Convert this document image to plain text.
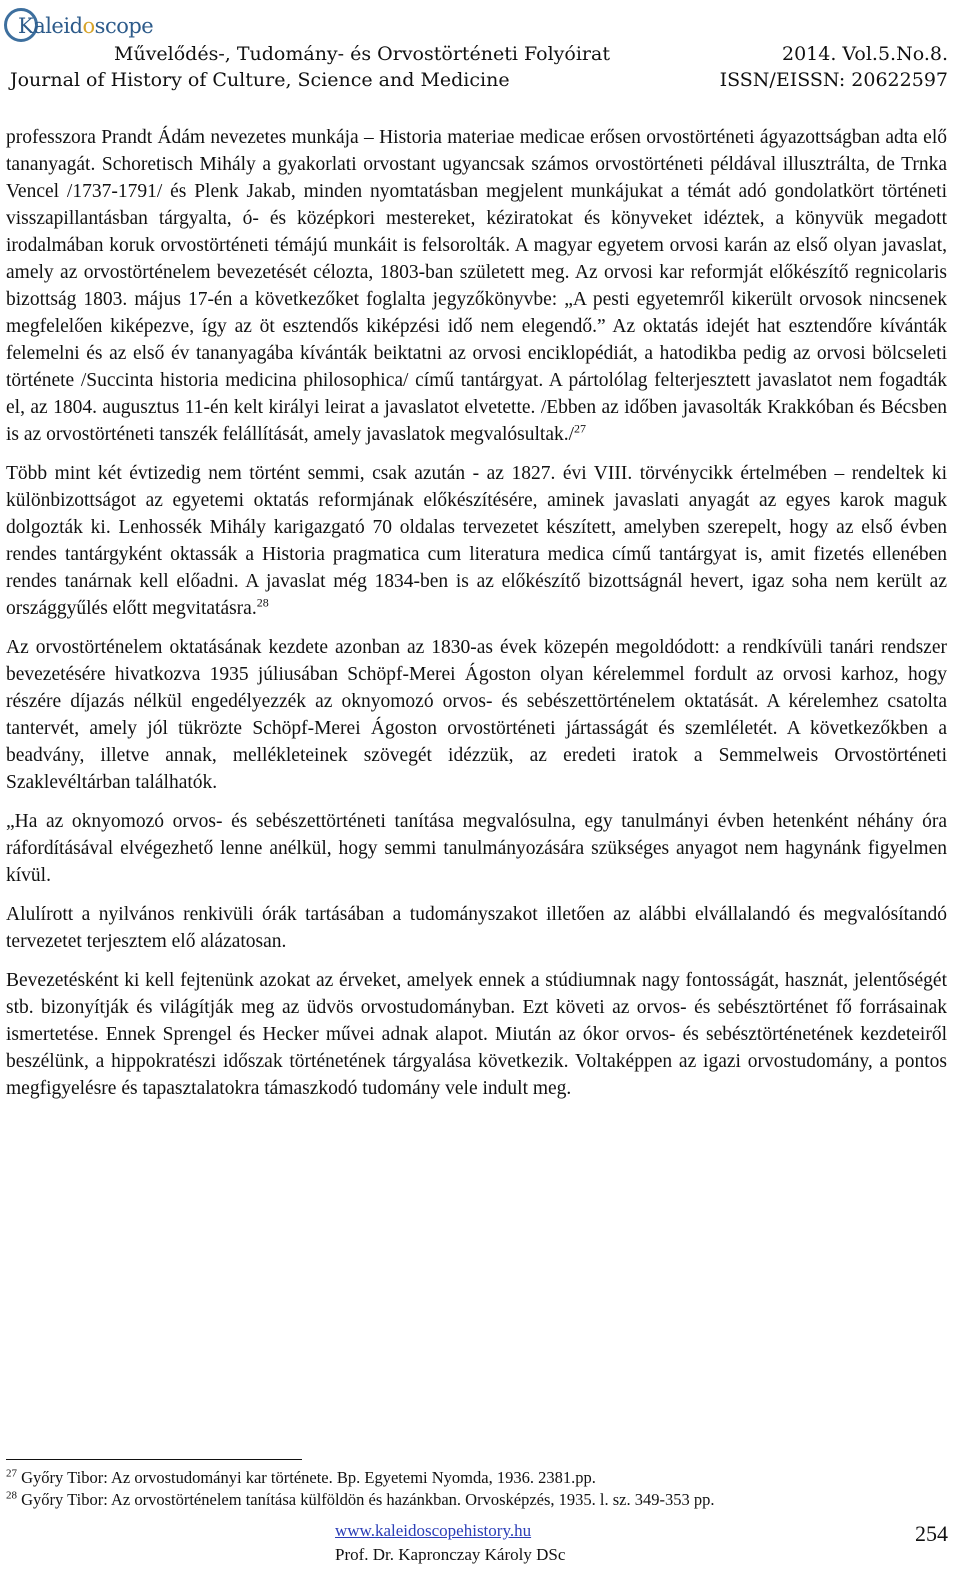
Kaleidoscope
Művelődés-, Tudomány- és Orvostörténeti Folyóirat	2014. Vol.5.No.8.
Journal of History of Culture, Science and Medicine	ISSN/EISSN: 20622597

professzora Prandt Ádám nevezetes munkája – Historia materiae medicae erősen orvostörténeti ágyazottságban adta elő tananyagát. Schoretisch Mihály a gyakorlati orvostant ugyancsak számos orvostörténeti példával illusztrálta, de Trnka Vencel /1737-1791/ és Plenk Jakab, minden nyomtatásban megjelent munkájukat a témát adó gondolatkört történeti visszapillantásban tárgyalta, ó- és középkori mestereket, kéziratokat és könyveket idéztek, a könyvük megadott irodalmában koruk orvostörténeti témájú munkáit is felsorolták. A magyar egyetem orvosi karán az első olyan javaslat, amely az orvostörténelem bevezetését célozta, 1803-ban született meg. Az orvosi kar reformját előkészítő regnicolaris bizottság 1803. május 17-én a következőket foglalta jegyzőkönyvbe: „A pesti egyetemről kikerült orvosok nincsenek megfelelően kiképezve, így az öt esztendős kiképzési idő nem elegendő.” Az oktatás idejét hat esztendőre kívánták felemelni és az első év tananyagába kívánták beiktatni az orvosi enciklopédiát, a hatodikba pedig az orvosi bölcseleti története /Succinta historia medicina philosophica/ című tantárgyat. A pártolólag felterjesztett javaslatot nem fogadták el, az 1804. augusztus 11-én kelt királyi leirat a javaslatot elvetette. /Ebben az időben javasolták Krakkóban és Bécsben is az orvostörténeti tanszék felállítását, amely javaslatok megvalósultak./$^{27}$

Több mint két évtizedig nem történt semmi, csak azután - az 1827. évi VIII. törvénycikk értelmében – rendeltek ki különbizottságot az egyetemi oktatás reformjának előkészítésére, aminek javaslati anyagát az egyes karok maguk dolgozták ki. Lenhossék Mihály karigazgató 70 oldalas tervezetet készített, amelyben szerepelt, hogy az első évben rendes tantárgyként oktassák a Historia pragmatica cum literatura medica című tantárgyat is, amit fizetés ellenében rendes tanárnak kell előadni. A javaslat még 1834-ben is az előkészítő bizottságnál hevert, igaz soha nem került az országgyűlés előtt megvitatásra.$^{28}$

Az orvostörténelem oktatásának kezdete azonban az 1830-as évek közepén megoldódott: a rendkívüli tanári rendszer bevezetésére hivatkozva 1935 júliusában Schöpf-Merei Ágoston olyan kérelemmel fordult az orvosi karhoz, hogy részére díjazás nélkül engedélyezzék az oknyomozó orvos- és sebészettörténelem oktatását. A kérelemhez csatolta tantervét, amely jól tükrözte Schöpf-Merei Ágoston orvostörténeti jártasságát és szemléletét. A következőkben a beadvány, illetve annak, mellékleteinek szövegét idézzük, az eredeti iratok a Semmelweis Orvostörténeti Szaklevéltárban találhatók.

„Ha az oknyomozó orvos- és sebészettörténeti tanítása megvalósulna, egy tanulmányi évben hetenként néhány óra ráfordításával elvégezhető lenne anélkül, hogy semmi tanulmányozására szükséges anyagot nem hagynánk figyelmen kívül.

Alulírott a nyilvános renkivüli órák tartásában a tudományszakot illetően az alábbi elvállalandó és megvalósítandó tervezetet terjesztem elő alázatosan.

Bevezetésként ki kell fejtenünk azokat az érveket, amelyek ennek a stúdiumnak nagy fontosságát, hasznát, jelentőségét stb. bizonyítják és világítják meg az üdvös orvostudományban. Ezt követi az orvos- és sebésztörténet fő forrásainak ismertetése. Ennek Sprengel és Hecker művei adnak alapot. Miután az ókor orvos- és sebésztörténetének kezdeteiről beszélünk, a hippokratészi időszak történetének tárgyalása következik. Voltaképpen az igazi orvostudomány, a pontos megfigyelésre és tapasztalatokra támaszkodó tudomány vele indult meg.

$^{27}$ Győry Tibor: Az orvostudományi kar története. Bp. Egyetemi Nyomda, 1936. 2381.pp.
$^{28}$ Győry Tibor: Az orvostörténelem tanítása külföldön és hazánkban. Orvosképzés, 1935. l. sz. 349-353 pp.
www.kaleidoscopehistory.hu
Prof. Dr. Kapronczay Károly DSc
254
